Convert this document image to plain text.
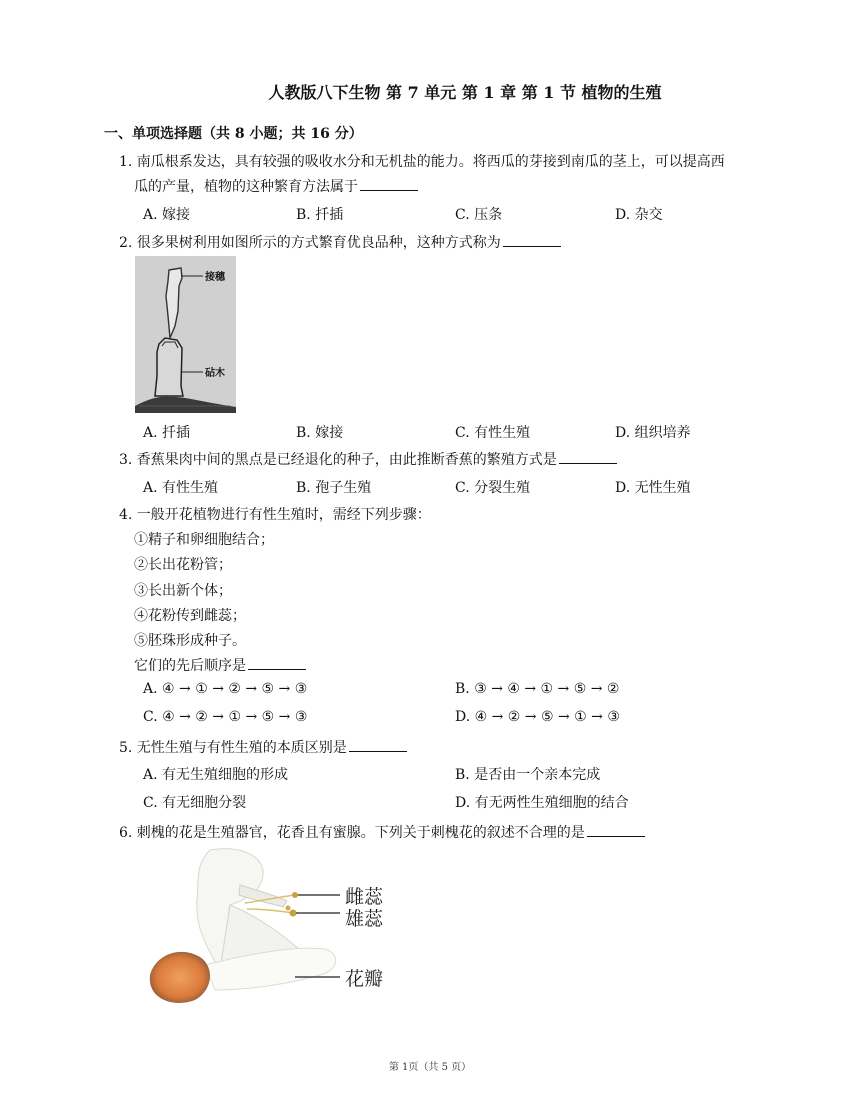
人教版八下生物 第 7 单元 第 1 章 第 1 节 植物的生殖
一、单项选择题（共 8 小题；共 16 分）
1. 南瓜根系发达，具有较强的吸收水分和无机盐的能力。将西瓜的芽接到南瓜的茎上，可以提高西
瓜的产量，植物的这种繁育方法属于
A. 嫁接	B. 扦插	C. 压条	D. 杂交
2. 很多果树利用如图所示的方式繁育优良品种，这种方式称为
接穗
砧木
A. 扦插	B. 嫁接	C. 有性生殖	D. 组织培养
3. 香蕉果肉中间的黑点是已经退化的种子，由此推断香蕉的繁殖方式是
A. 有性生殖	B. 孢子生殖	C. 分裂生殖	D. 无性生殖
4. 一般开花植物进行有性生殖时，需经下列步骤：
①精子和卵细胞结合；
②长出花粉管；
③长出新个体；
④花粉传到雌蕊；
⑤胚珠形成种子。
它们的先后顺序是
A. ④ → ① → ② → ⑤ → ③	B. ③ → ④ → ① → ⑤ → ②
C. ④ → ② → ① → ⑤ → ③	D. ④ → ② → ⑤ → ① → ③
5. 无性生殖与有性生殖的本质区别是
A. 有无生殖细胞的形成	B. 是否由一个亲本完成
C. 有无细胞分裂	D. 有无两性生殖细胞的结合
6. 刺槐的花是生殖器官，花香且有蜜腺。下列关于刺槐花的叙述不合理的是
雌蕊
雄蕊
花瓣
第 1页（共 5 页）
